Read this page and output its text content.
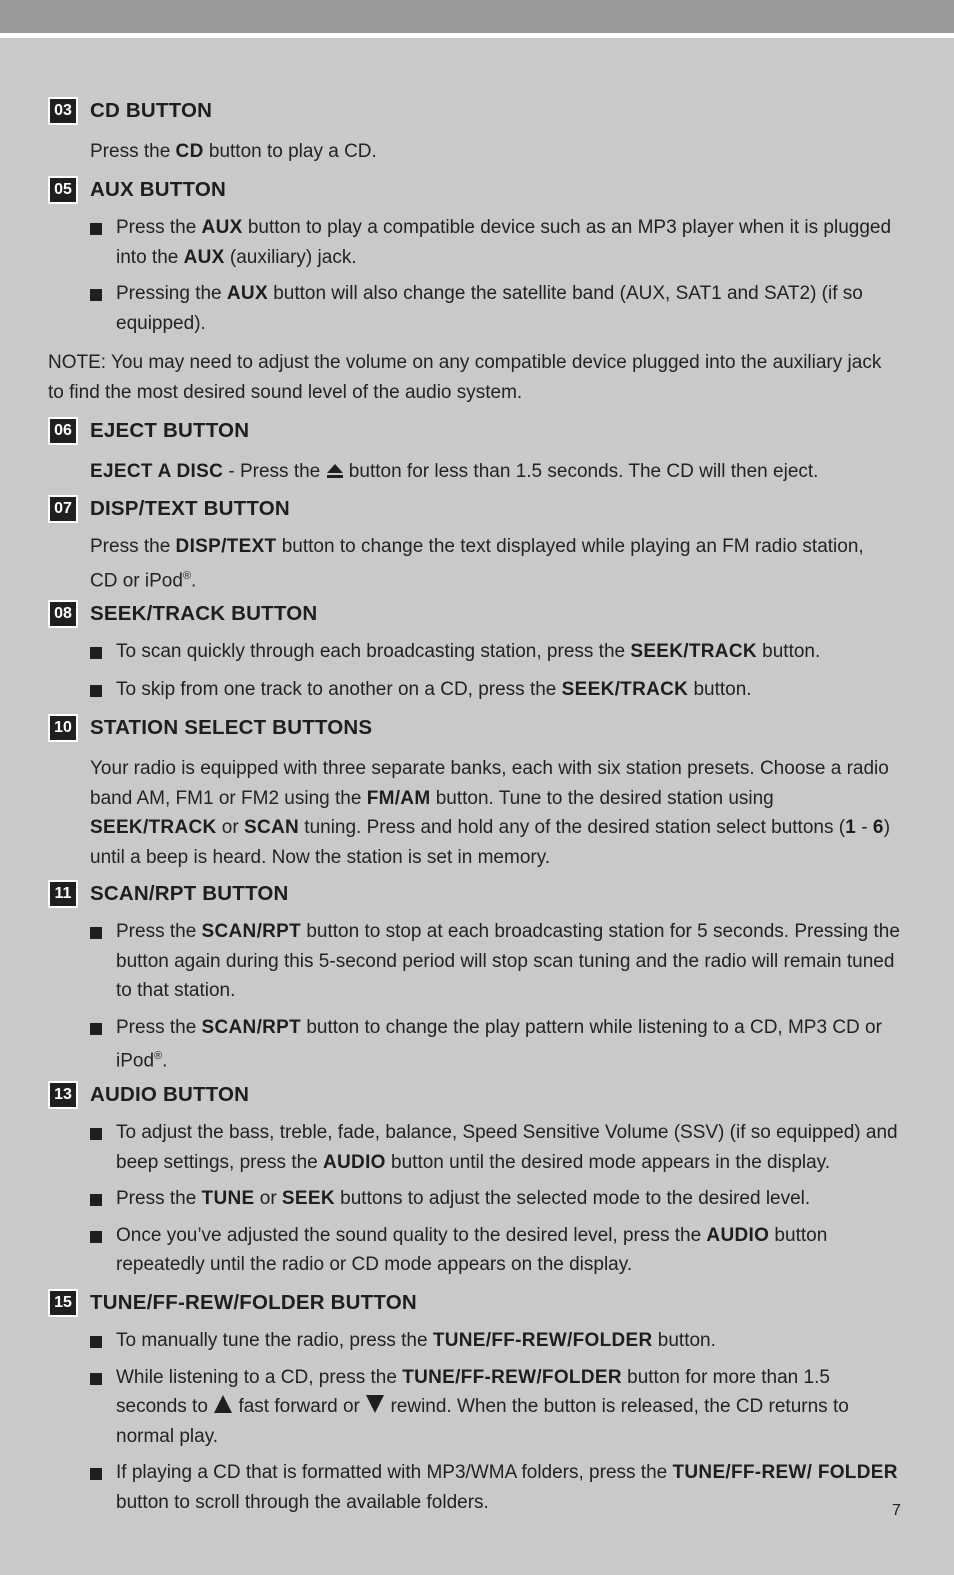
03 CD BUTTON

Press the CD button to play a CD.

05 AUX BUTTON
Press the AUX button to play a compatible device such as an MP3 player when it is plugged into the AUX (auxiliary) jack.
Pressing the AUX button will also change the satellite band (AUX, SAT1 and SAT2) (if so equipped).

NOTE: You may need to adjust the volume on any compatible device plugged into the auxiliary jack to find the most desired sound level of the audio system.

06 EJECT BUTTON

EJECT A DISC - Press the  button for less than 1.5 seconds. The CD will then eject.

07 DISP/TEXT BUTTON

Press the DISP/TEXT button to change the text displayed while playing an FM radio station, CD or iPod®.

08 SEEK/TRACK BUTTON
To scan quickly through each broadcasting station, press the SEEK/TRACK button.
To skip from one track to another on a CD, press the SEEK/TRACK button.
10 STATION SELECT BUTTONS

Your radio is equipped with three separate banks, each with six station presets. Choose a radio band AM, FM1 or FM2 using the FM/AM button. Tune to the desired station using SEEK/TRACK or SCAN tuning. Press and hold any of the desired station select buttons (1 - 6) until a beep is heard. Now the station is set in memory.

11 SCAN/RPT BUTTON
Press the SCAN/RPT button to stop at each broadcasting station for 5 seconds. Pressing the button again during this 5-second period will stop scan tuning and the radio will remain tuned to that station.
Press the SCAN/RPT button to change the play pattern while listening to a CD, MP3 CD or iPod®.
13 AUDIO BUTTON
To adjust the bass, treble, fade, balance, Speed Sensitive Volume (SSV) (if so equipped) and beep settings, press the AUDIO button until the desired mode appears in the display.
Press the TUNE or SEEK buttons to adjust the selected mode to the desired level.
Once you’ve adjusted the sound quality to the desired level, press the AUDIO button repeatedly until the radio or CD mode appears on the display.
15 TUNE/FF-REW/FOLDER BUTTON
To manually tune the radio, press the TUNE/FF-REW/FOLDER button.
While listening to a CD, press the TUNE/FF-REW/FOLDER button for more than 1.5 seconds to  fast forward or  rewind. When the button is released, the CD returns to normal play.
If playing a CD that is formatted with MP3/WMA folders, press the TUNE/FF-REW/ FOLDER button to scroll through the available folders.	7
